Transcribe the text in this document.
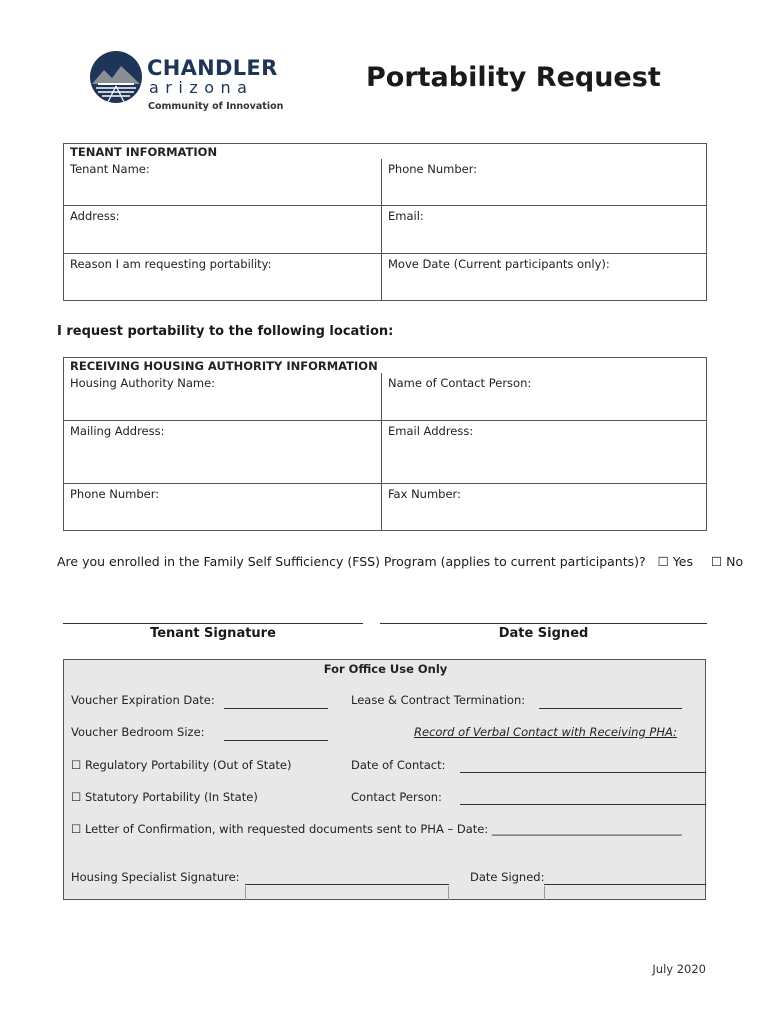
CHANDLER
arizona
Community of Innovation
Portability Request
TENANT INFORMATION	
Tenant Name:	Phone Number:
Address:	Email:
Reason I am requesting portability:	Move Date (Current participants only):
I request portability to the following location:
RECEIVING HOUSING AUTHORITY INFORMATION	
Housing Authority Name:	Name of Contact Person:
Mailing Address:	Email Address:
Phone Number:	Fax Number:
Are you enrolled in the Family Self Sufficiency (FSS) Program (applies to current participants)? ☐ Yes ☐ No
Tenant Signature	Date Signed
For Office Use Only
Voucher Expiration Date:	Lease & Contract Termination:
Voucher Bedroom Size:	Record of Verbal Contact with Receiving PHA:
☐ Regulatory Portability (Out of State)	Date of Contact:
☐ Statutory Portability (In State)	Contact Person:
☐ Letter of Confirmation, with requested documents sent to PHA – Date: _________________________________
Housing Specialist Signature:	Date Signed:
July 2020
